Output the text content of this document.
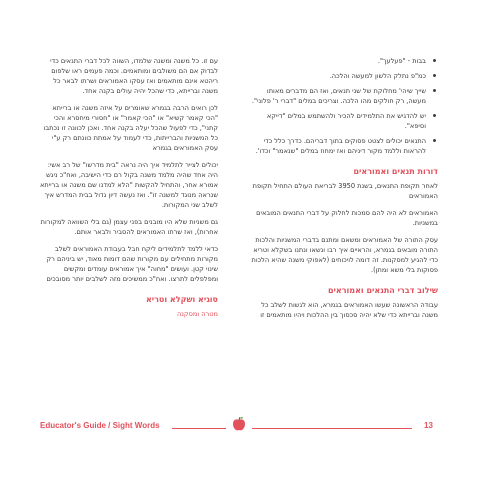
בבות - "פעלעך".
כמ"פ נתלק הלשון למעשה והלכה.
שייך שיהי' מחלוקת של שני תנאים, ואז הם מדברים מאותו מעשה, רק חולקים מהו הלכה. וצריכים במלים "דברי ר' פלוני".
יש להדגיש את התלמידים להכיר ולהשתמש במלים "דייקא וסיפא".
התנאים יכולים לצטט פסוקים בתוך דבריהם. כדרך כלל כדי להראות וללמד מקור דיניהם ואז ימחוז במלים "שנאמר" וכדו'.
דורות תנאים ואמוראים

לאחר תקופת התנאים, בשנת 3950 לבריאת העולם התחיל תקופת האמוראים

האמוראים לא היה להם סמכות לחלוק על דברי התנאים המובאים במשניות.

עסק התורה של האמוראים ומשאם ומתנם בדברי המשניות והלכות התורה מובאים בגמרא, והראיים איך רבו ונשאו ונתנו בשקלא וטריא כדי להגיע למסקנות. זה דומה לויכוחים (לאפוקי משנה שהיא הלכות פסוקות בלי משא ומתן).

שילוב דברי התנאים ואמוראים

עבודה הראשונה שעשו האמוראים בגמרא, הוא לגשות לשלב כל משנה וברייתא כדי שלא יהיה סכסוך בין ההלכות ויהיו מותאמים זו

עם זו. כל משנה ומשנה שלמדו, השווה לכל דברי התנאים כדי לבדוק אם הם משולבים ומותאמים. וכמה פעמים ראו שלפום ריהטא אינם מותאמים ואז עסקו האמוראים ושרתו לבאר כל משנה וברייתא, כדי שהכל יהיה עולים בקנה אחד.

לכן רואים הרבה בגמרא שאומרים על איזה משנה או ברייתא "הכי קאמר קשיא" או "הכי קאמר" או "חסורי מיחסרא והכי קתני", כדי לפעול שהכל יעלה בקנה אחד. ואכן לכוונה זו נכתבו כל המשניות והברייתות, כדי לעמוד על אמתת כוונתם רק ע"י עסק האמוראים בגמרא

יכולים לצייר לתלמיד איך היה נראה "בית מדרשו" של רב אשי: היה אחד שהיה מלמד משנה בקול רם כדי הישיבה, ואח"כ ניגש אמורא אחר, והתחיל להקשות "הלא למדנו שם משנה או ברייתא שנראה מנוגד למשנה זו". ואז נעשה דיון גדול בבית המדרש איך לשלב שני המקורות.

גם משניות שלא היו מובנים בפני עצמן (גם בלי השוואה למקורות אחרות), ואז שרתו האמוראים להסביר ולבאר אותם.

כדאי ללמד לתלמידים ליקח חבל בעבודת האמוראים לשלב מקורות מתחילים עם מקורות שהם דומות מאוד, יש ביניהם רק שינוי קטן. ועושים "מחוה" איך אמוראים עומדים ומקשים ומפלפלים לתרצו. ואח"כ ממשיכים מזה לשלבים יותר מסובכים

סוגיא ושקלא וטריא
מטרה ומסקנה
Educator's Guide / Sight Words	13
